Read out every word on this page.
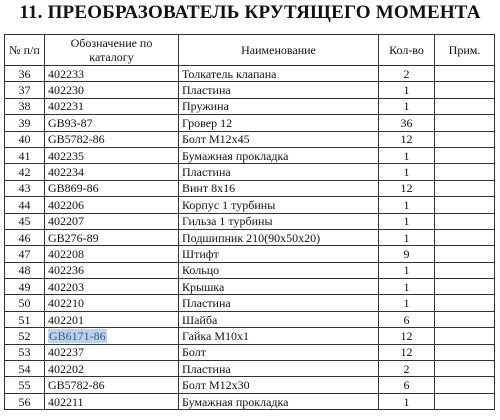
11. ПРЕОБРАЗОВАТЕЛЬ КРУТЯЩЕГО МОМЕНТА
№ п/п	Обозначение по каталогу	Наименование	Кол-во	Прим.
36	402233	Толкатель клапана	2	
37	402230	Пластина	1	
38	402231	Пружина	1	
39	GB93-87	Гровер 12	36	
40	GB5782-86	Болт М12х45	12	
41	402235	Бумажная прокладка	1	
42	402234	Пластина	1	
43	GB869-86	Винт 8х16	12	
44	402206	Корпус 1 турбины	1	
45	402207	Гильза 1 турбины	1	
46	GB276-89	Подшипник 210(90х50х20)	1	
47	402208	Штифт	9	
48	402236	Кольцо	1	
49	402203	Крышка	1	
50	402210	Пластина	1	
51	402201	Шайба	6	
52	GB6171-86	Гайка М10х1	12	
53	402237	Болт	12	
54	402202	Пластина	2	
55	GB5782-86	Болт М12х30	6	
56	402211	Бумажная прокладка	1	
